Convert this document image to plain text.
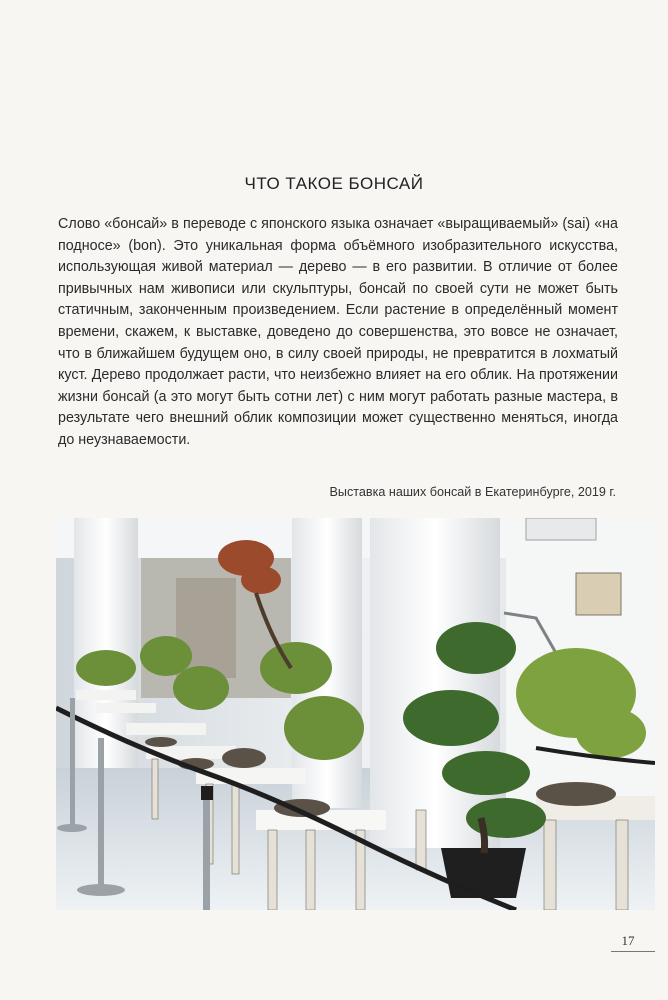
ЧТО ТАКОЕ БОНСАЙ

Слово «бонсай» в переводе с японского языка означает «выращиваемый» (sai) «на подносе» (bon). Это уникальная форма объёмного изобразительного искусства, использующая живой материал — дерево — в его развитии. В отличие от более привычных нам живописи или скульптуры, бонсай по своей сути не может быть статичным, законченным произведением. Если растение в определённый момент времени, скажем, к выставке, доведено до совершенства, это вовсе не означает, что в ближайшем будущем оно, в силу своей природы, не превратится в лохматый куст. Дерево продолжает расти, что неизбежно влияет на его облик. На протяжении жизни бонсай (а это могут быть сотни лет) с ним могут работать разные мастера, в результате чего внешний облик композиции может существенно меняться, иногда до неузнаваемости.

Выставка наших бонсай в Екатеринбурге, 2019 г.
17
